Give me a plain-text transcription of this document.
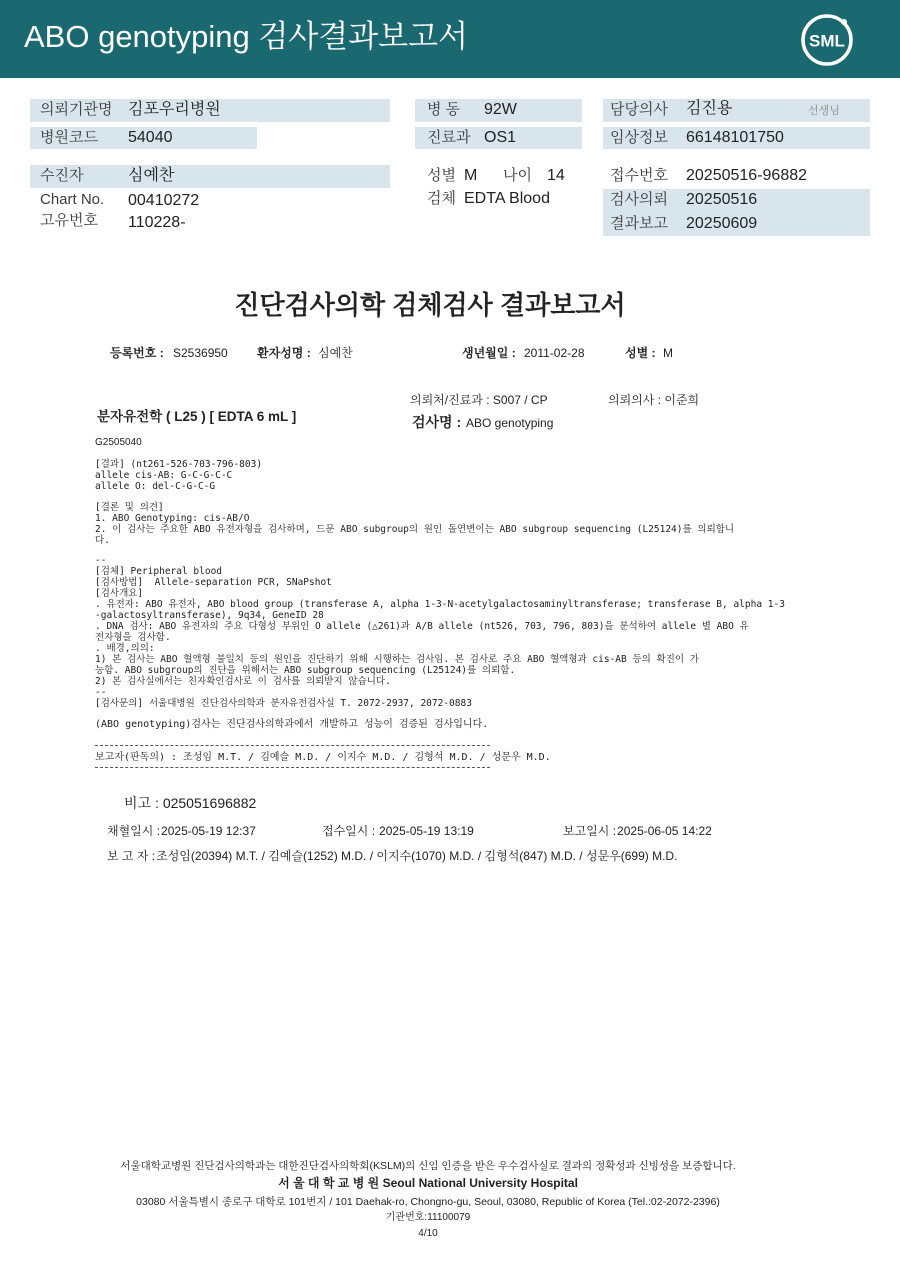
ABO genotyping 검사결과보고서	SML
의뢰기관명 김포우리병원	병 동 92W	담당의사 김진용	선생님
병원코드 54040	진료과 OS1	임상정보 66148101750
수진자	심예찬	성별 M 나이 14	접수번호 20250516-96882
Chart No. 00410272	검체 EDTA Blood	검사의뢰 20250516
고유번호 110228-	결과보고 20250609
진단검사의학 검체검사 결과보고서
등록번호 : S2536950 환자성명 : 심예찬	생년월일 : 2011-02-28	성별 : M
의뢰처/진료과 : S007 / CP	의뢰의사 : 이준희
분자유전학 ( L25 ) [ EDTA 6 mL ]	검사명 : ABO genotyping
G2505040
[결과] (nt261-526-703-796-803)
allele cis-AB: G-C-G-C-C
allele O: del-C-G-C-G
[결론 및 의견]
1. ABO Genotyping: cis-AB/O
2. 이 검사는 주요한 ABO 유전자형을 검사하며, 드문 ABO subgroup의 원인 돌연변이는 ABO subgroup sequencing (L25124)를 의뢰합니
다.
--
[검체] Peripheral blood
[검사방법]  Allele-separation PCR, SNaPshot
[검사개요]
. 유전자: ABO 유전자, ABO blood group (transferase A, alpha 1-3-N-acetylgalactosaminyltransferase; transferase B, alpha 1-3
-galactosyltransferase), 9q34, GeneID 28
. DNA 검사: ABO 유전자의 주요 다형성 부위인 O allele (△261)과 A/B allele (nt526, 703, 796, 803)을 분석하여 allele 별 ABO 유
전자형을 검사함.
. 배경,의의:
1) 본 검사는 ABO 혈액형 불일치 등의 원인을 진단하기 위해 시행하는 검사임. 본 검사로 주요 ABO 혈액형과 cis-AB 등의 확진이 가
능함. ABO subgroup의 진단을 위해서는 ABO subgroup sequencing (L25124)를 의뢰함.
2) 본 검사실에서는 친자확인검사로 이 검사를 의뢰받지 않습니다.
--
[검사문의] 서울대병원 진단검사의학과 분자유전검사실 T. 2072-2937, 2072-0883
(ABO genotyping)검사는 진단검사의학과에서 개발하고 성능이 검증된 검사입니다.
보고자(판독의) : 조성임 M.T. / 김예슬 M.D. / 이지수 M.D. / 김형석 M.D. / 성문우 M.D.
비고 : 025051696882
채혈일시 :2025-05-19 12:37	접수일시 : 2025-05-19 13:19	보고일시 :2025-06-05 14:22
보 고 자 :조성임(20394) M.T. / 김예슬(1252) M.D. / 이지수(1070) M.D. / 김형석(847) M.D. / 성문우(699) M.D.
서울대학교병원 진단검사의학과는 대한진단검사의학회(KSLM)의 신임 인증을 받은 우수검사실로 결과의 정확성과 신빙성을 보증합니다.
서 울 대 학 교 병 원 Seoul National University Hospital
03080 서울특별시 종로구 대학로 101번지 / 101 Daehak-ro, Chongno-gu, Seoul, 03080, Republic of Korea (Tel.:02-2072-2396)
기관번호:11100079
4/10
